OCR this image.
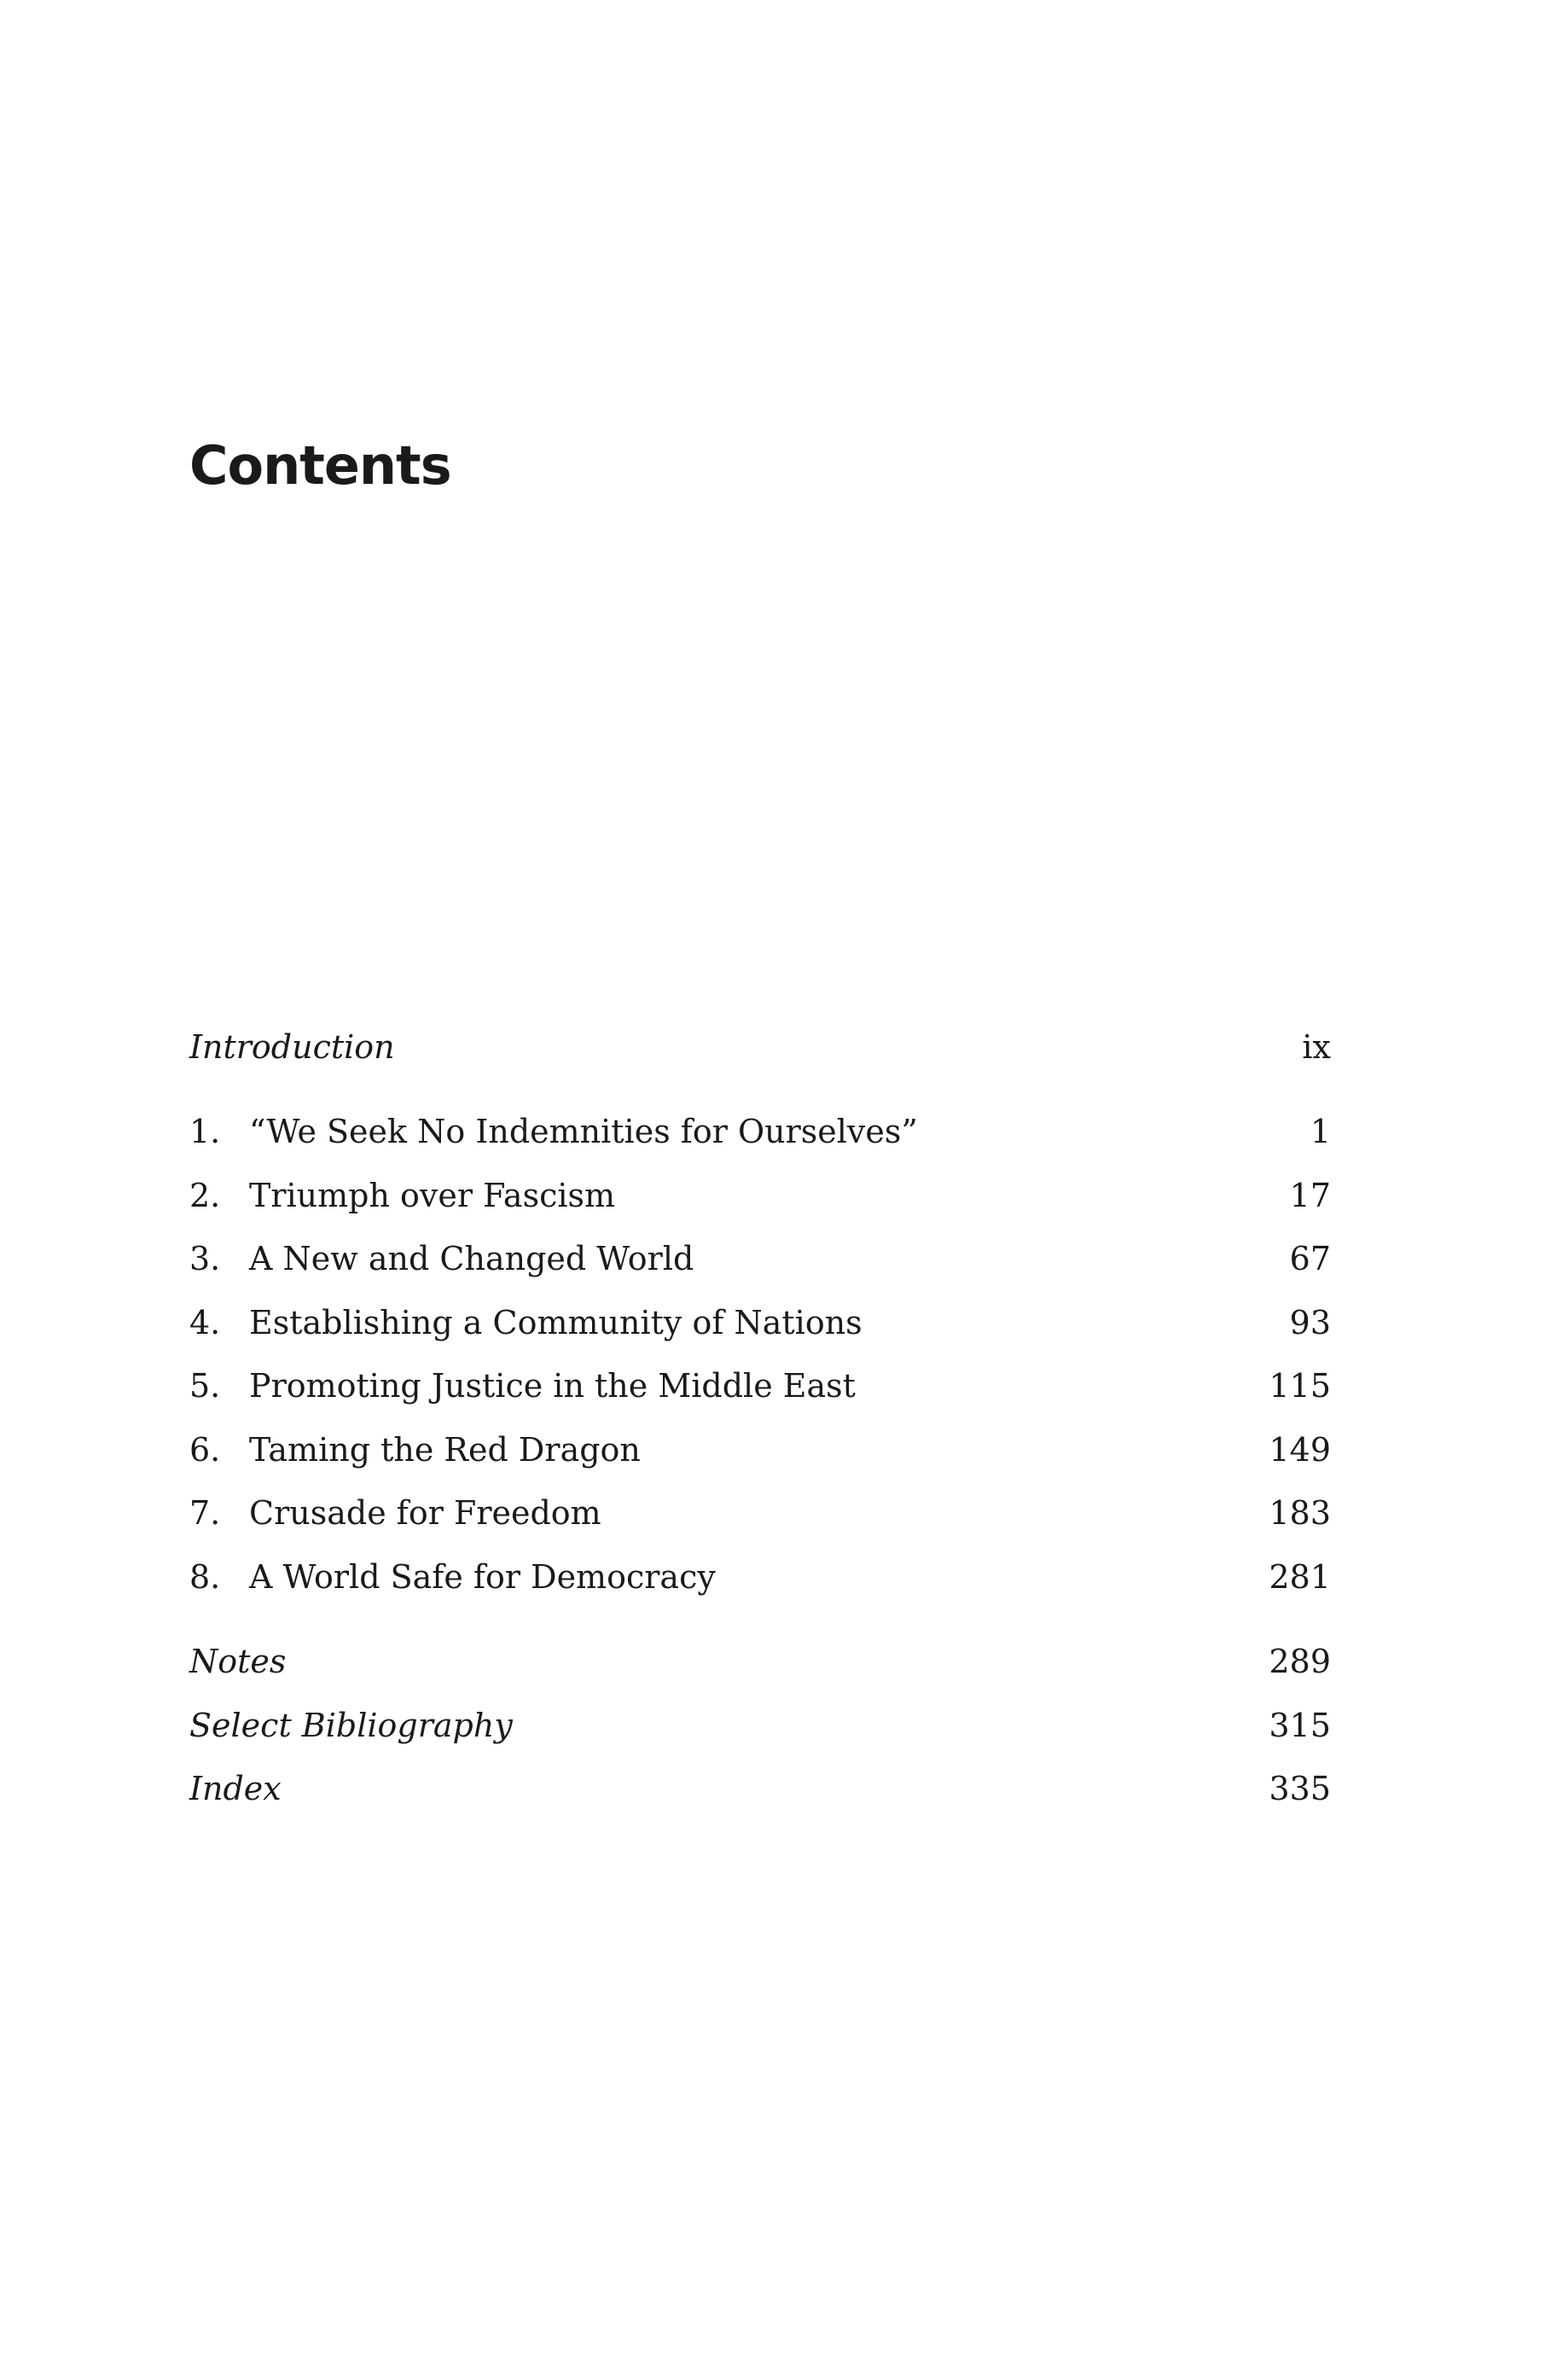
Contents
Introduction	ix
1. “We Seek No Indemnities for Ourselves”	1
2. Triumph over Fascism	17
3. A New and Changed World	67
4. Establishing a Community of Nations	93
5. Promoting Justice in the Middle East	115
6. Taming the Red Dragon	149
7. Crusade for Freedom	183
8. A World Safe for Democracy	281
Notes	289
Select Bibliography	315
Index	335
